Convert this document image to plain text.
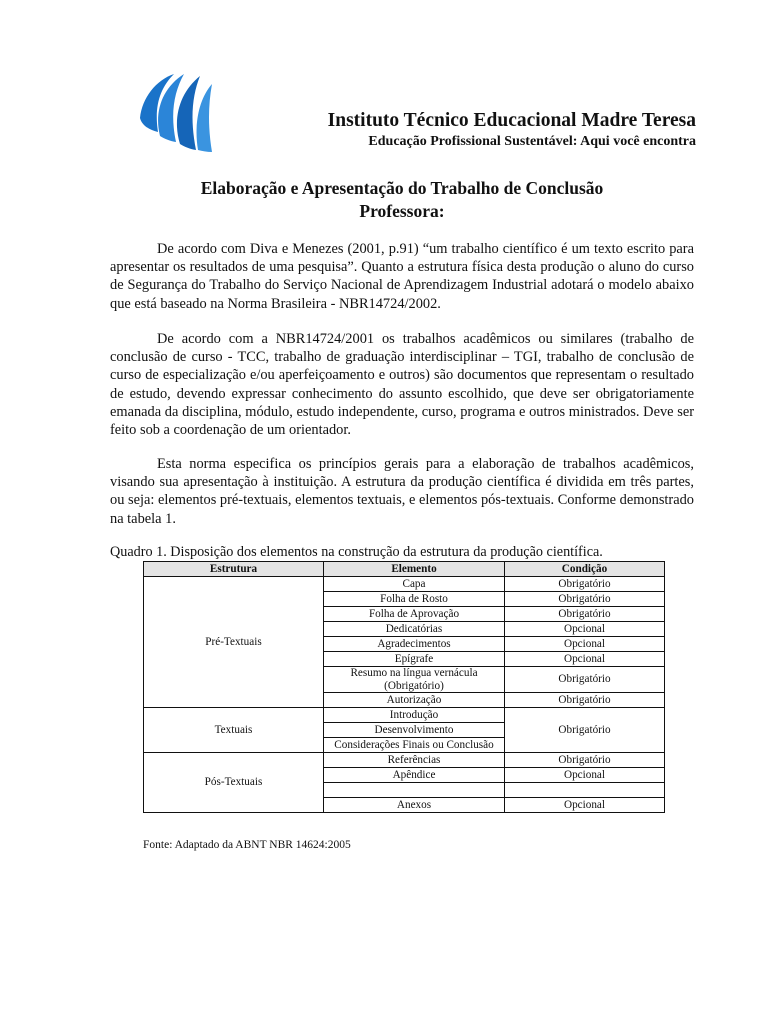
Instituto Técnico Educacional Madre Teresa
Educação Profissional Sustentável: Aqui você encontra
Elaboração e Apresentação do Trabalho de Conclusão
Professora:

De acordo com Diva e Menezes (2001, p.91) “um trabalho científico é um texto escrito para apresentar os resultados de uma pesquisa”. Quanto a estrutura física desta produção o aluno do curso de Segurança do Trabalho do Serviço Nacional de Aprendizagem Industrial adotará o modelo abaixo que está baseado na Norma Brasileira - NBR14724/2002.

De acordo com a NBR14724/2001 os trabalhos acadêmicos ou similares (trabalho de conclusão de curso - TCC, trabalho de graduação interdisciplinar – TGI, trabalho de conclusão de curso de especialização e/ou aperfeiçoamento e outros) são documentos que representam o resultado de estudo, devendo expressar conhecimento do assunto escolhido, que deve ser obrigatoriamente emanada da disciplina, módulo, estudo independente, curso, programa e outros ministrados. Deve ser feito sob a coordenação de um orientador.

Esta norma especifica os princípios gerais para a elaboração de trabalhos acadêmicos, visando sua apresentação à instituição. A estrutura da produção científica é dividida em três partes, ou seja: elementos pré-textuais, elementos textuais, e elementos pós-textuais. Conforme demonstrado na tabela 1.

Quadro 1. Disposição dos elementos na construção da estrutura da produção científica.
Estrutura	Elemento	Condição
Pré-Textuais	Capa	Obrigatório
	Folha de Rosto	Obrigatório
	Folha de Aprovação	Obrigatório
	Dedicatórias	Opcional
	Agradecimentos	Opcional
	Epígrafe	Opcional
	Resumo na língua vernácula (Obrigatório)	Obrigatório
	Autorização	Obrigatório
Textuais	Introdução	Obrigatório
	Desenvolvimento	
	Considerações Finais ou Conclusão	
Pós-Textuais	Referências	Obrigatório
	Apêndice	Opcional

	Anexos	Opcional
Fonte: Adaptado da ABNT NBR 14624:2005
